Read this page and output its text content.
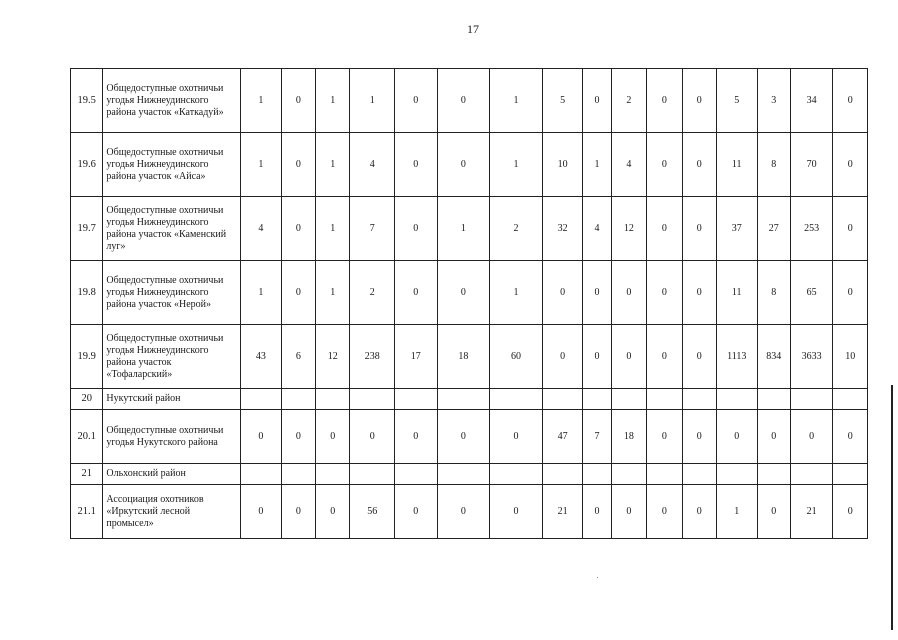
17
19.5	Общедоступные охотничьи угодья Нижнеудинского района участок «Каткадуй»	1	0	1	1	0	0	1	5	0	2	0	0	5	3	34	0
19.6	Общедоступные охотничьи угодья Нижнеудинского района участок «Айса»	1	0	1	4	0	0	1	10	1	4	0	0	11	8	70	0
19.7	Общедоступные охотничьи угодья Нижнеудинского района участок «Каменский луг»	4	0	1	7	0	1	2	32	4	12	0	0	37	27	253	0
19.8	Общедоступные охотничьи угодья Нижнеудинского района участок «Нерой»	1	0	1	2	0	0	1	0	0	0	0	0	11	8	65	0
19.9	Общедоступные охотничьи угодья Нижнеудинского района участок «Тофаларский»	43	6	12	238	17	18	60	0	0	0	0	0	1113	834	3633	10
20	Нукутский район																
20.1	Общедоступные охотничьи угодья Нукутского района	0	0	0	0	0	0	0	47	7	18	0	0	0	0	0	0
21	Ольхонский район																
21.1	Ассоциация охотников «Иркутский лесной промысел»	0	0	0	56	0	0	0	21	0	0	0	0	1	0	21	0
